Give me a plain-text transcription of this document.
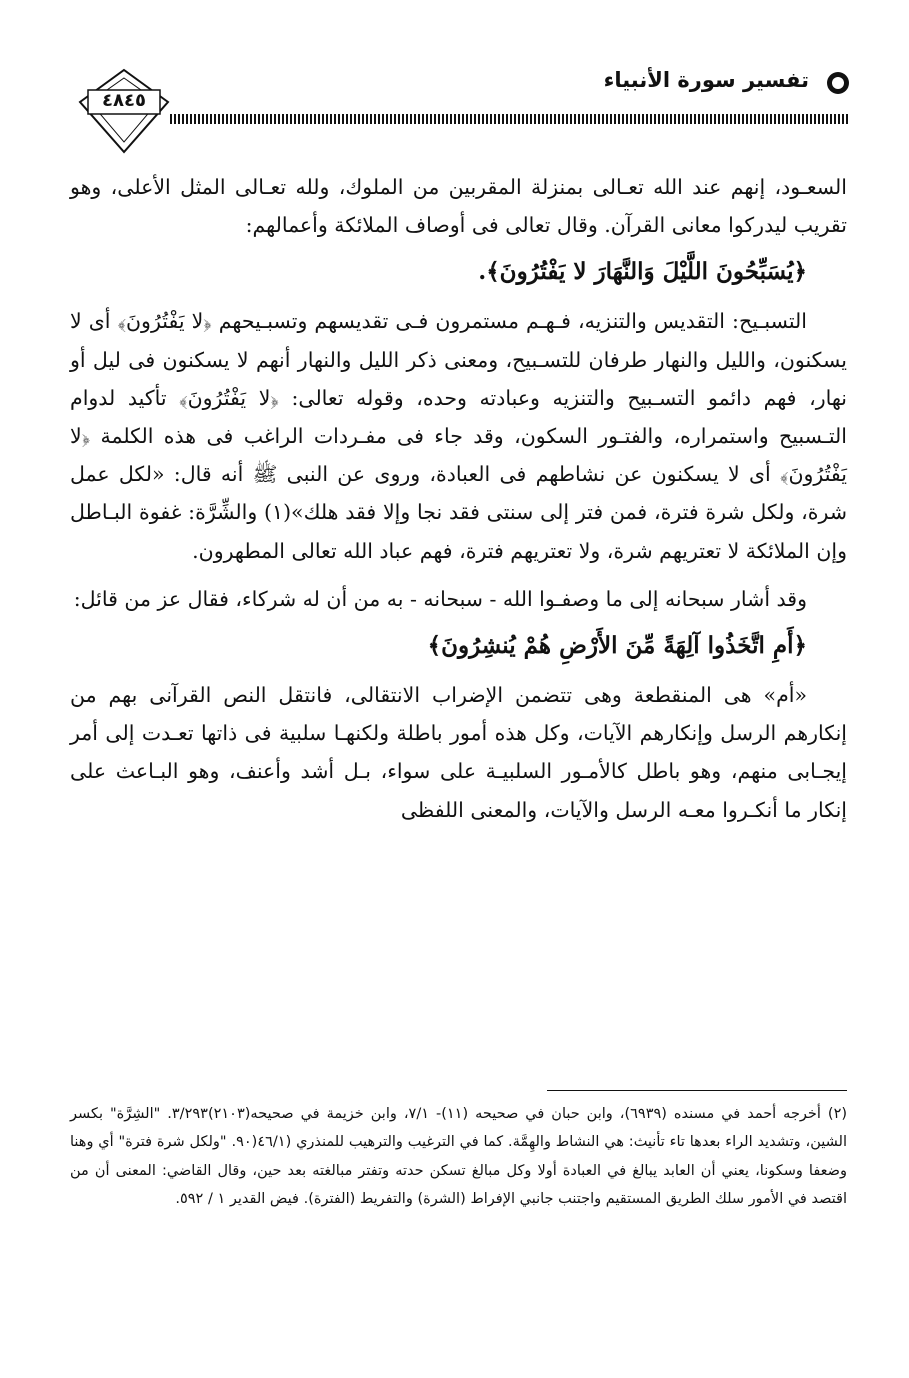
تفسير سورة الأنبياء
٤٨٤٥

السعـود، إنهم عند الله تعـالى بمنزلة المقربين من الملوك، ولله تعـالى المثل الأعلى، وهو تقريب ليدركوا معانى القرآن. وقال تعالى فى أوصاف الملائكة وأعمالهم:

﴿يُسَبِّحُونَ اللَّيْلَ وَالنَّهَارَ لا يَفْتُرُونَ﴾.

التسبـيح: التقديس والتنزيه، فـهـم مستمرون فـى تقديسهم وتسبـيحهم ﴿لا يَفْتُرُونَ﴾ أى لا يسكنون، والليل والنهار طرفان للتسـبيح، ومعنى ذكر الليل والنهار أنهم لا يسكنون فى ليل أو نهار، فهم دائمو التسـبيح والتنزيه وعبادته وحده، وقوله تعالى: ﴿لا يَفْتُرُونَ﴾ تأكيد لدوام التـسبيح واستمراره، والفتـور السكون، وقد جاء فى مفـردات الراغب فى هذه الكلمة ﴿لا يَفْتُرُونَ﴾ أى لا يسكنون عن نشاطهم فى العبادة، وروى عن النبى ﷺ أنه قال: «لكل عمل شرة، ولكل شرة فترة، فمن فتر إلى سنتى فقد نجا وإلا فقد هلك»(١) والشِّرَّة: غفوة البـاطل وإن الملائكة لا تعتريهم شرة، ولا تعتريهم فترة، فهم عباد الله تعالى المطهرون.

وقد أشار سبحانه إلى ما وصفـوا الله - سبحانه - به من أن له شركاء، فقال عز من قائل:

﴿أَمِ اتَّخَذُوا آلِهَةً مِّنَ الأَرْضِ هُمْ يُنشِرُونَ﴾

«أم» هى المنقطعة وهى تتضمن الإضراب الانتقالى، فانتقل النص القرآنى بهم من إنكارهم الرسل وإنكارهم الآيات، وكل هذه أمور باطلة ولكنهـا سلبية فى ذاتها تعـدت إلى أمر إيجـابى منهم، وهو باطل كالأمـور السلبيـة على سواء، بـل أشد وأعنف، وهو البـاعث على إنكار ما أنكـروا معـه الرسل والآيات، والمعنى اللفظى

(٢) أخرجه أحمد في مسنده (٦٩٣٩)، وابن حبان في صحيحه (١١)- ٧/١، وابن خزيمة في صحيحه(٢١٠٣)٣/٢٩٣. "الشِرَّة" بكسر الشين، وتشديد الراء بعدها تاء تأنيث: هي النشاط والهِمَّة. كما في الترغيب والترهيب للمنذري (٤٦/١(٩٠. "ولكل شرة فترة" أي وهنا وضعفا وسكونا، يعني أن العابد يبالغ في العبادة أولا وكل مبالغ تسكن حدته وتفتر مبالغته بعد حين، وقال القاضي: المعنى أن من اقتصد في الأمور سلك الطريق المستقيم واجتنب جانبي الإفراط (الشرة) والتفريط (الفترة). فيض القدير ١ / ٥٩٢.
